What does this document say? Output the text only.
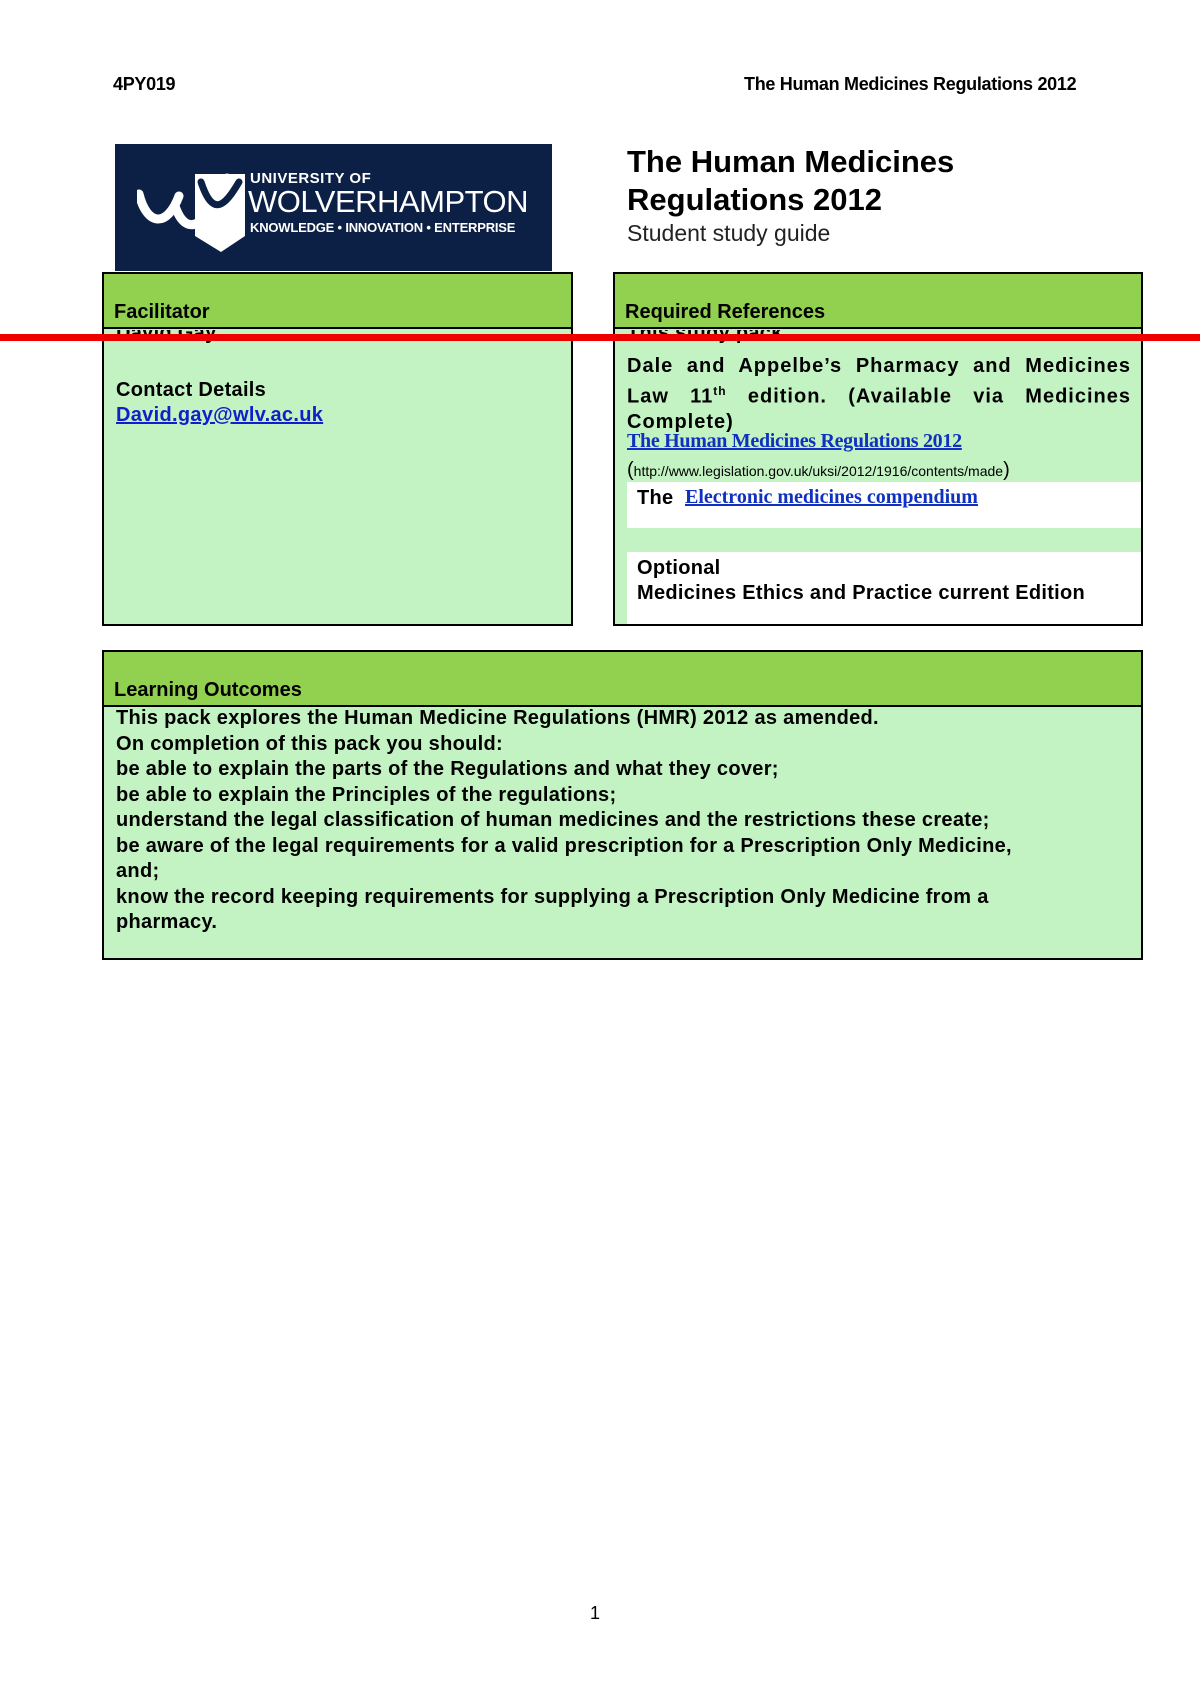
4PY019	The Human Medicines Regulations 2012
UNIVERSITY OF
WOLVERHAMPTON
KNOWLEDGE • INNOVATION • ENTERPRISE
The Human Medicines
Regulations 2012
Student study guide
Facilitator
Contact Details
David.gay@wlv.ac.uk
Required References
Dale and Appelbe’s Pharmacy and Medicines
Law 11th edition. (Available via Medicines
Complete)
The Human Medicines Regulations 2012
(http://www.legislation.gov.uk/uksi/2012/1916/contents/made)
The Electronic medicines compendium
Optional
Medicines Ethics and Practice current Edition
Learning Outcomes
This pack explores the Human Medicine Regulations (HMR) 2012 as amended.
On completion of this pack you should:
be able to explain the parts of the Regulations and what they cover;
be able to explain the Principles of the regulations;
understand the legal classification of human medicines and the restrictions these create;
be aware of the legal requirements for a valid prescription for a Prescription Only Medicine,
and;
know the record keeping requirements for supplying a Prescription Only Medicine from a
pharmacy.
1
